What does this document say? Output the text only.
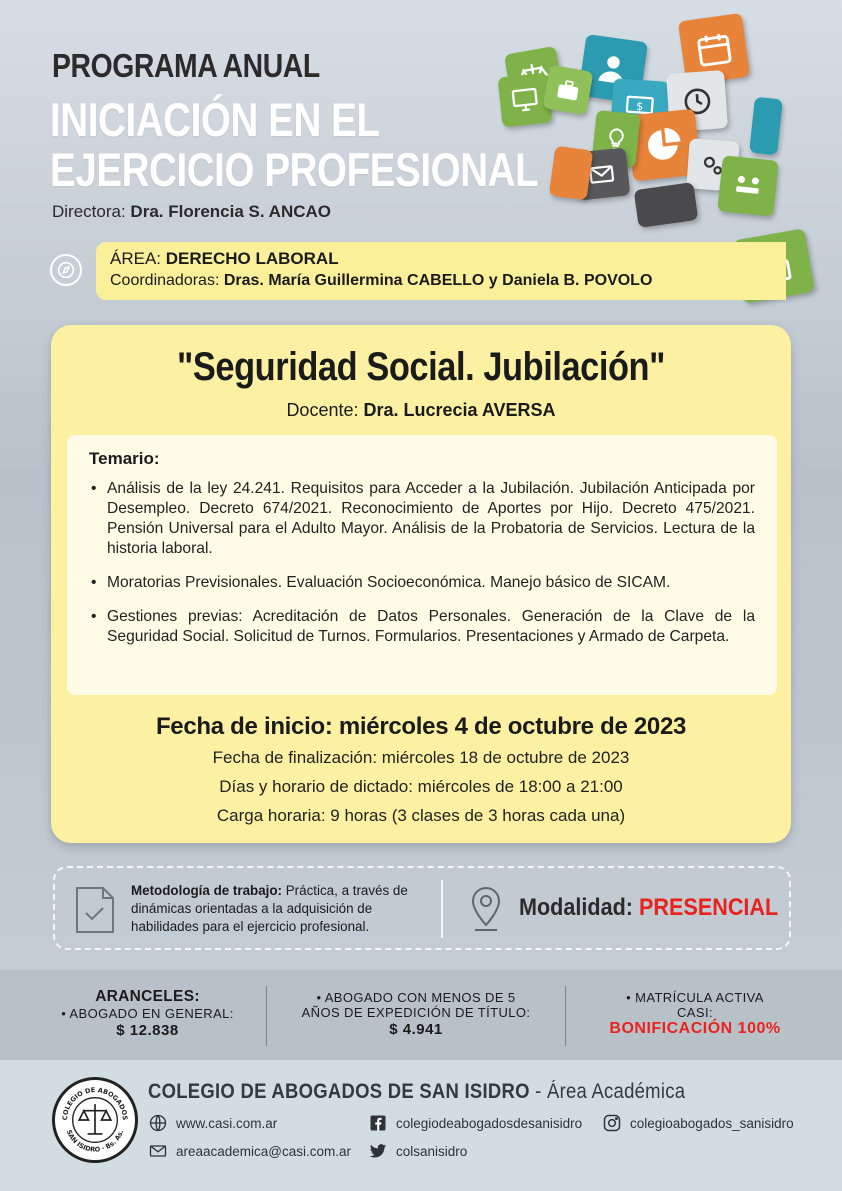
PROGRAMA ANUAL
INICIACIÓN EN EL
EJERCICIO PROFESIONAL
Directora: Dra. Florencia S. ANCAO
$
ÁREA: DERECHO LABORAL
Coordinadoras: Dras. María Guillermina CABELLO y Daniela B. POVOLO
"Seguridad Social. Jubilación"
Docente: Dra. Lucrecia AVERSA
Temario:
• Análisis de la ley 24.241. Requisitos para Acceder a la Jubilación. Jubilación Anticipada por Desempleo. Decreto 674/2021. Reconocimiento de Aportes por Hijo. Decreto 475/2021. Pensión Universal para el Adulto Mayor. Análisis de la Probatoria de Servicios. Lectura de la historia laboral.
• Moratorias Previsionales. Evaluación Socioeconómica. Manejo básico de SICAM.
• Gestiones previas: Acreditación de Datos Personales. Generación de la Clave de la Seguridad Social. Solicitud de Turnos. Formularios. Presentaciones y Armado de Carpeta.
Fecha de inicio: miércoles 4 de octubre de 2023
Fecha de finalización: miércoles 18 de octubre de 2023
Días y horario de dictado: miércoles de 18:00 a 21:00
Carga horaria: 9 horas (3 clases de 3 horas cada una)
Metodología de trabajo: Práctica, a través de dinámicas orientadas a la adquisición de habilidades para el ejercicio profesional.
Modalidad: PRESENCIAL
ARANCELES:
• ABOGADO EN GENERAL:
$ 12.838
• ABOGADO CON MENOS DE 5
AÑOS DE EXPEDICIÓN DE TÍTULO:
$ 4.941
• MATRÍCULA ACTIVA
CASI:
BONIFICACIÓN 100%
COLEGIO DE ABOGADOS
SAN ISIDRO · Bs. As.
COLEGIO DE ABOGADOS DE SAN ISIDRO - Área Académica
www.casi.com.ar
areaacademica@casi.com.ar
colegiodeabogadosdesanisidro
colsanisidro
colegioabogados_sanisidro
